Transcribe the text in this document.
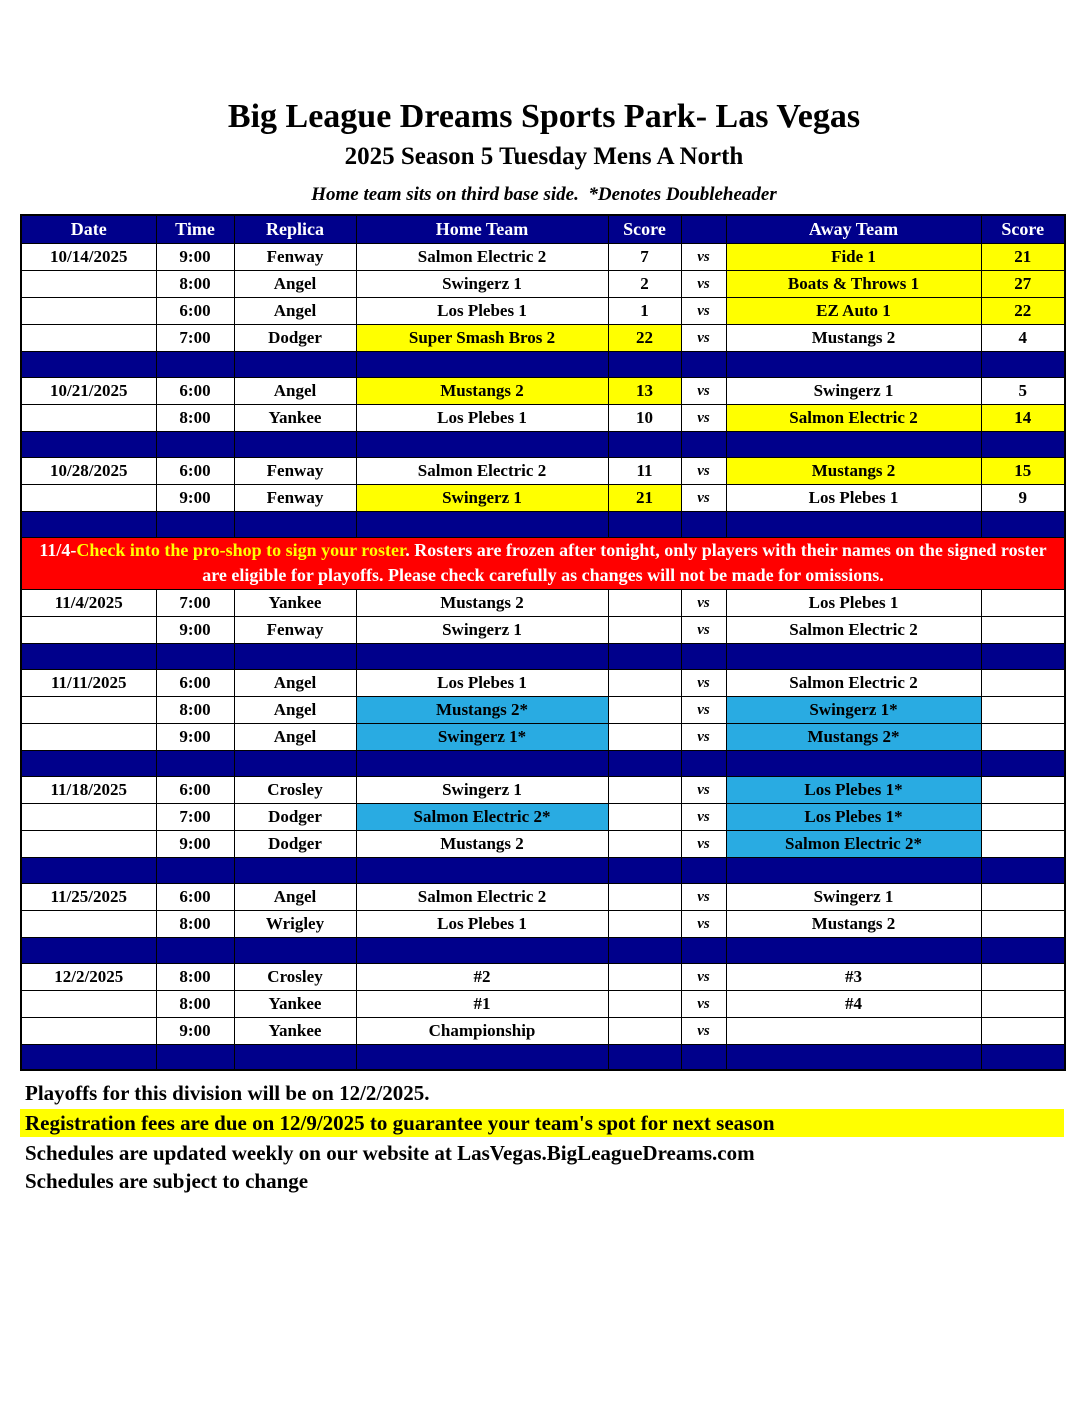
Big League Dreams Sports Park- Las Vegas
2025 Season 5 Tuesday Mens A North
Home team sits on third base side.  *Denotes Doubleheader
Date	Time	Replica	Home Team	Score		Away Team	Score
10/14/2025	9:00	Fenway	Salmon Electric 2	7	vs	Fide 1	21
	8:00	Angel	Swingerz 1	2	vs	Boats & Throws 1	27
	6:00	Angel	Los Plebes 1	1	vs	EZ Auto 1	22
	7:00	Dodger	Super Smash Bros 2	22	vs	Mustangs 2	4

10/21/2025	6:00	Angel	Mustangs 2	13	vs	Swingerz 1	5
	8:00	Yankee	Los Plebes 1	10	vs	Salmon Electric 2	14

10/28/2025	6:00	Fenway	Salmon Electric 2	11	vs	Mustangs 2	15
	9:00	Fenway	Swingerz 1	21	vs	Los Plebes 1	9

11/4-Check into the pro-shop to sign your roster. Rosters are frozen after tonight, only players with their names on the signed roster are eligible for playoffs. Please check carefully as changes will not be made for omissions.							
11/4/2025	7:00	Yankee	Mustangs 2		vs	Los Plebes 1	
	9:00	Fenway	Swingerz 1		vs	Salmon Electric 2	

11/11/2025	6:00	Angel	Los Plebes 1		vs	Salmon Electric 2	
	8:00	Angel	Mustangs 2*		vs	Swingerz 1*	
	9:00	Angel	Swingerz 1*		vs	Mustangs 2*	

11/18/2025	6:00	Crosley	Swingerz 1		vs	Los Plebes 1*	
	7:00	Dodger	Salmon Electric 2*		vs	Los Plebes 1*	
	9:00	Dodger	Mustangs 2		vs	Salmon Electric 2*	

11/25/2025	6:00	Angel	Salmon Electric 2		vs	Swingerz 1	
	8:00	Wrigley	Los Plebes 1		vs	Mustangs 2	

12/2/2025	8:00	Crosley	#2		vs	#3	
	8:00	Yankee	#1		vs	#4	
	9:00	Yankee	Championship		vs		

Playoffs for this division will be on 12/2/2025.
Registration fees are due on 12/9/2025 to guarantee your team's spot for next season
Schedules are updated weekly on our website at LasVegas.BigLeagueDreams.com
Schedules are subject to change
